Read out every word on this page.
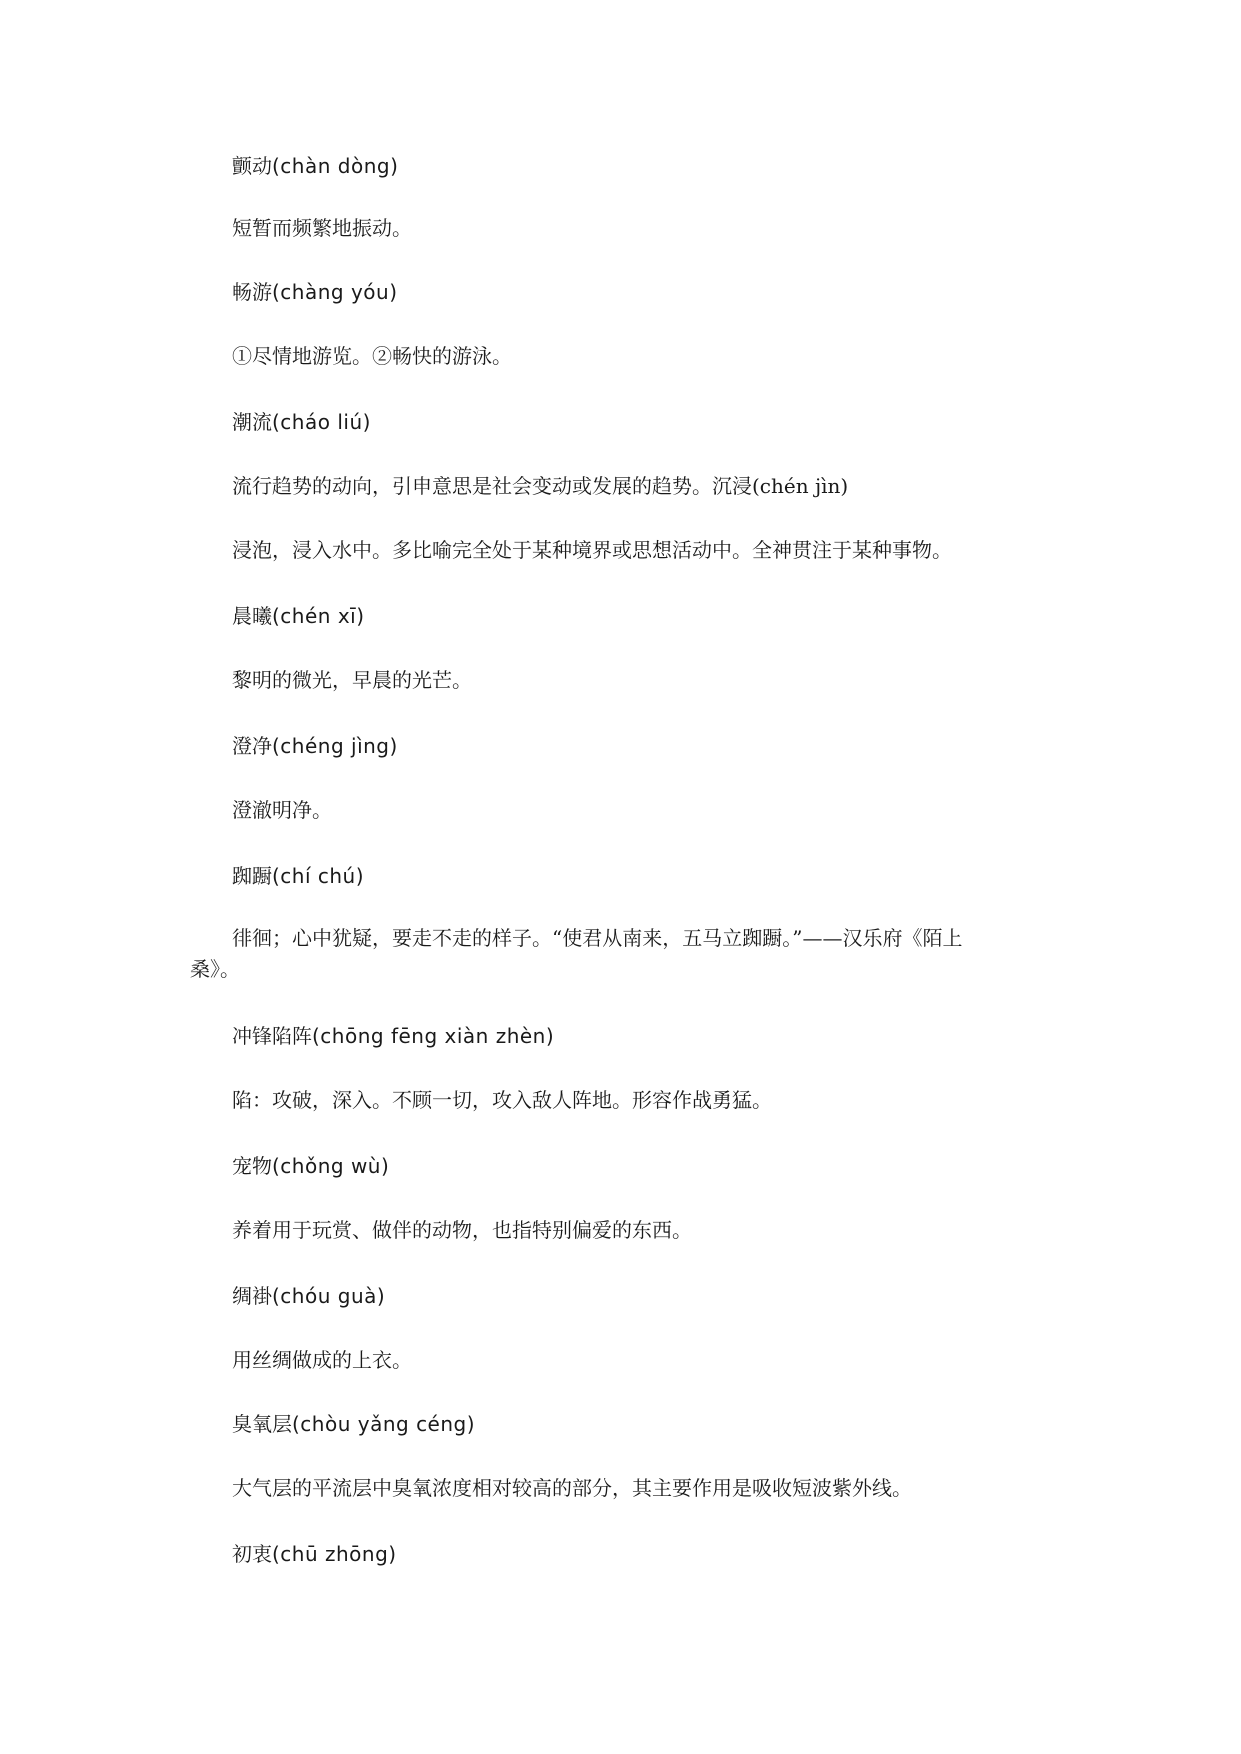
颤动(chàn dòng)
短暂而频繁地振动。
畅游(chàng yóu)
①尽情地游览。②畅快的游泳。
潮流(cháo liú)
流行趋势的动向，引申意思是社会变动或发展的趋势。沉浸(chén jìn)
浸泡，浸入水中。多比喻完全处于某种境界或思想活动中。全神贯注于某种事物。
晨曦(chén xī)
黎明的微光，早晨的光芒。
澄净(chéng jìng)
澄澈明净。
踟蹰(chí chú)
徘徊；心中犹疑，要走不走的样子。“使君从南来，五马立踟蹰。”——汉乐府《陌上
桑》。
冲锋陷阵(chōng fēng xiàn zhèn)
陷：攻破，深入。不顾一切，攻入敌人阵地。形容作战勇猛。
宠物(chǒng wù)
养着用于玩赏、做伴的动物，也指特别偏爱的东西。
绸褂(chóu guà)
用丝绸做成的上衣。
臭氧层(chòu yǎng céng)
大气层的平流层中臭氧浓度相对较高的部分，其主要作用是吸收短波紫外线。
初衷(chū zhōng)
